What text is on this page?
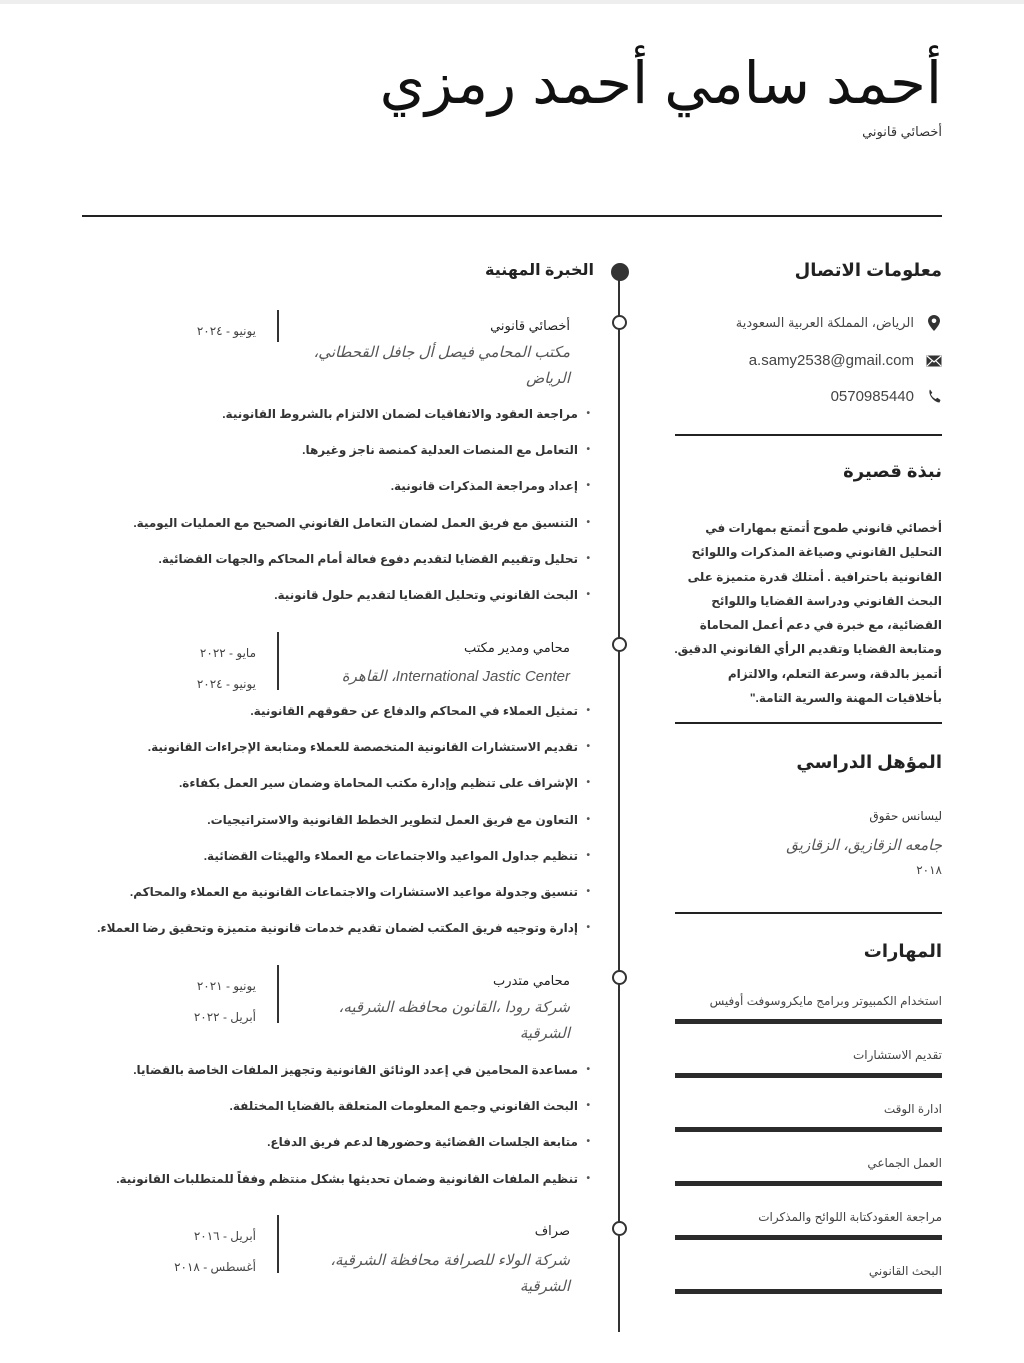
أحمد سامي أحمد رمزي
أخصائي قانوني
معلومات الاتصال
الرياض، المملكة العربية السعودية
a.samy2538@gmail.com
0570985440
نبذة قصيرة
أخصائي قانوني طموح أتمتع بمهارات في التحليل القانوني وصياغة المذكرات واللوائح القانونية باحترافية . أمتلك قدرة متميزة على البحث القانوني ودراسة القضايا واللوائح القضائية، مع خبرة في دعم أعمل المحاماة ومتابعة القضايا وتقديم الرأي القانوني الدقيق. أتميز بالدقة، وسرعة التعلم، والالتزام بأخلاقيات المهنة والسرية التامة."
المؤهل الدراسي
ليسانس حقوق
جامعه الزقازيق، الزقازيق
٢٠١٨
المهارات
استخدام الكمبيوتر وبرامج مايكروسوفت أوفيس
تقديم الاستشارات
ادارة الوقت
العمل الجماعي
مراجعة العقودكتابة اللوائح والمذكرات
البحث القانوني
الخبرة المهنية
أخصائي قانوني
مكتب المحامي فيصل أل جافل القحطاني،
الرياض
يونيو - ٢٠٢٤
• مراجعة العقود والاتفاقيات لضمان الالتزام بالشروط القانونية.
• التعامل مع المنصات العدلية كمنصة ناجز وغيرها.
• إعداد ومراجعة المذكرات قانونية.
• التنسيق مع فريق العمل لضمان التعامل القانوني الصحيح مع العمليات اليومية.
• تحليل وتقييم القضايا لتقديم دفوع فعالة أمام المحاكم والجهات القضائية.
• البحث القانوني وتحليل القضايا لتقديم حلول قانونية.
محامي ومدير مكتب
International Jastic Center، القاهرة
مايو - ٢٠٢٢
يونيو - ٢٠٢٤
• تمثيل العملاء في المحاكم والدفاع عن حقوقهم القانونية.
• تقديم الاستشارات القانونية المتخصصة للعملاء ومتابعة الإجراءات القانونية.
• الإشراف على تنظيم وإدارة مكتب المحاماة وضمان سير العمل بكفاءة.
• التعاون مع فريق العمل لتطوير الخطط القانونية والاستراتيجيات.
• تنظيم جداول المواعيد والاجتماعات مع العملاء والهيئات القضائية.
• تنسيق وجدولة مواعيد الاستشارات والاجتماعات القانونية مع العملاء والمحاكم.
• إدارة وتوجيه فريق المكتب لضمان تقديم خدمات قانونية متميزة وتحقيق رضا العملاء.
محامي متدرب
شركة رودا ،القانون محافظه الشرقيه،
الشرقية
يونيو - ٢٠٢١
أبريل - ٢٠٢٢
• مساعدة المحامين في إعدد الوثائق القانونية وتجهيز الملفات الخاصة بالقضايا.
• البحث القانوني وجمع المعلومات المتعلقة بالقضايا المختلفة.
• متابعة الجلسات القضائية وحضورها لدعم فريق الدفاع.
• تنظيم الملفات القانونية وضمان تحديثها بشكل منتظم وفقاً للمتطلبات القانونية.
صراف
شركة الولاء للصرافة محافظة الشرقية،
الشرقية
أبريل - ٢٠١٦
أغسطس - ٢٠١٨
